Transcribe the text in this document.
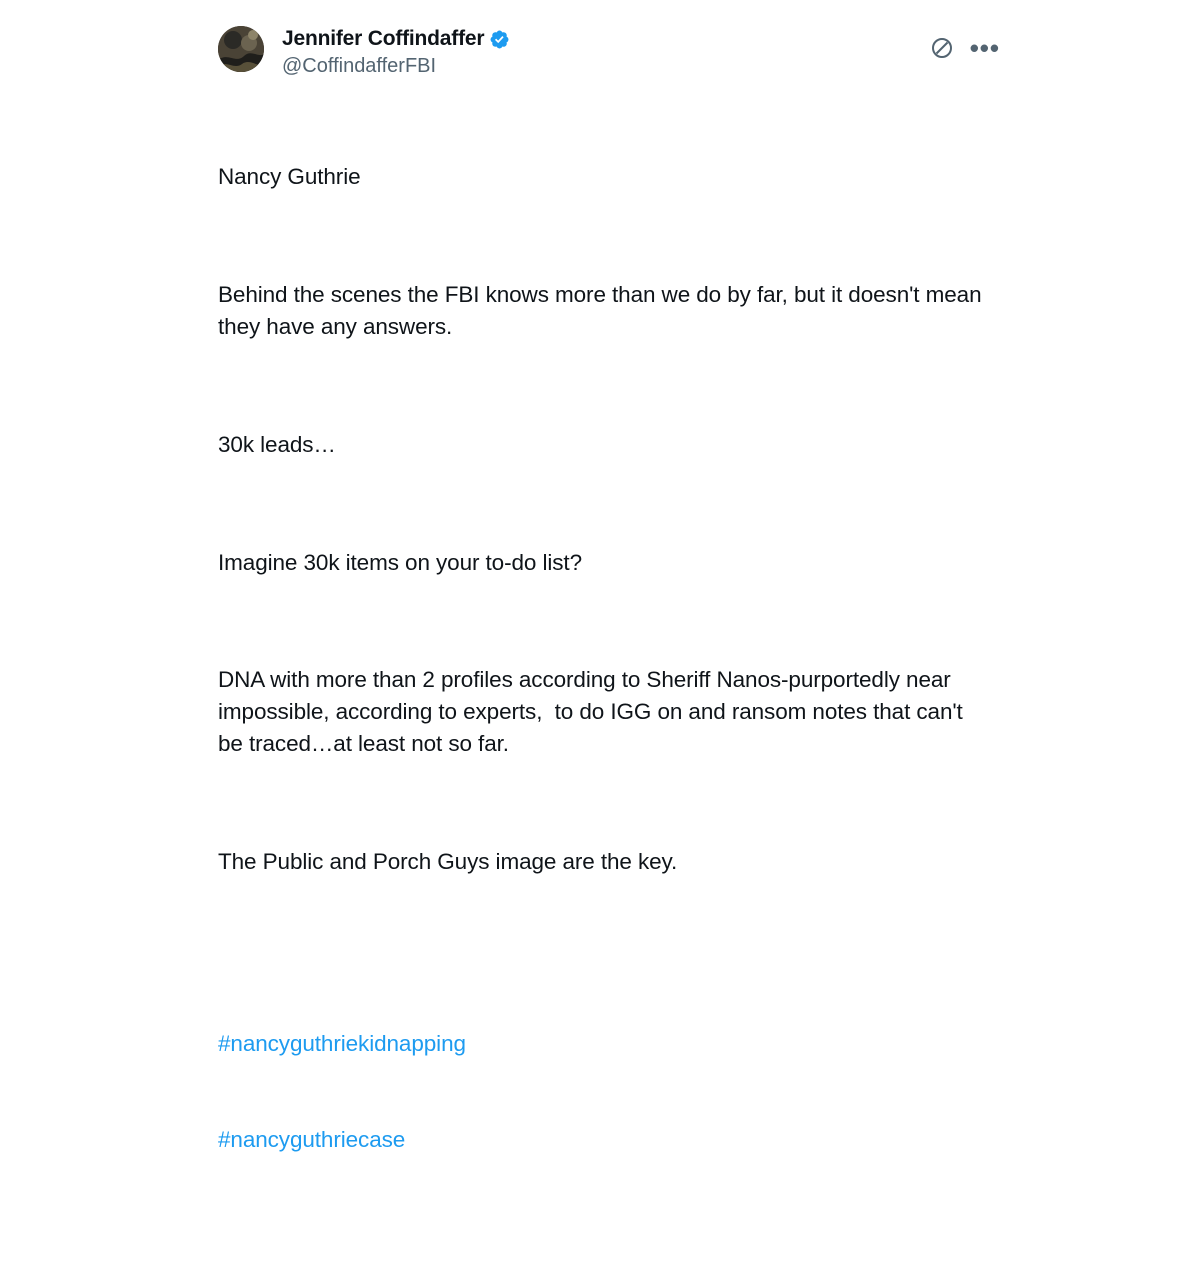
Jennifer Coffindaffer
@CoffindafferFBI
•••

Nancy Guthrie

Behind the scenes the FBI knows more than we do by far, but it doesn't mean they have any answers.

30k leads…

Imagine 30k items on your to-do list?

DNA with more than 2 profiles according to Sheriff Nanos-purportedly near impossible, according to experts,  to do IGG on and ransom notes that can't be traced…at least not so far.

The Public and Porch Guys image are the key.

#nancyguthriekidnapping

#nancyguthriecase
